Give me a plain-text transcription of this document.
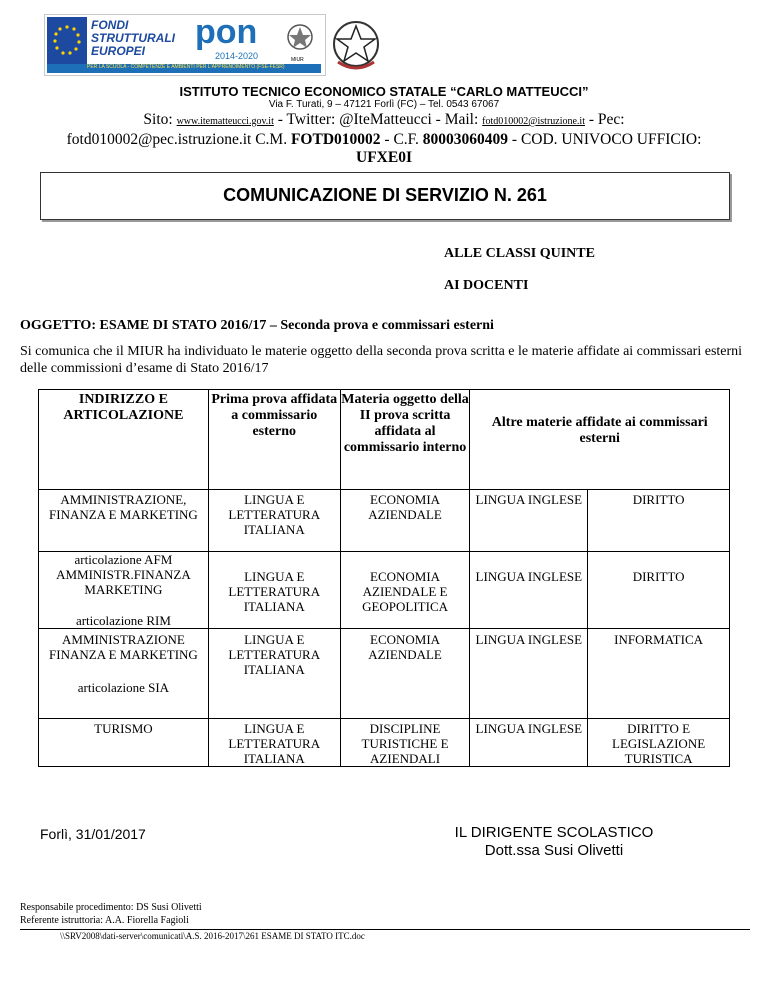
FONDI STRUTTURALI EUROPEI	pon
2014-2020	MIUR
PER LA SCUOLA - COMPETENZE E AMBIENTI PER L'APPRENDIMENTO (FSE-FESR)
ISTITUTO TECNICO ECONOMICO STATALE “CARLO MATTEUCCI”
Via F. Turati, 9 – 47121 Forlì (FC) – Tel. 0543 67067
Sito: www.itematteucci.gov.it - Twitter: @IteMatteucci - Mail: fotd010002@istruzione.it - Pec:
fotd010002@pec.istruzione.it C.M. FOTD010002 - C.F. 80003060409 - COD. UNIVOCO UFFICIO:
UFXE0I
COMUNICAZIONE DI SERVIZIO N. 261
ALLE CLASSI QUINTE
AI DOCENTI
OGGETTO: ESAME DI STATO 2016/17 – Seconda prova e commissari esterni
Si comunica che il MIUR ha individuato le materie oggetto della seconda prova scritta e le materie affidate ai commissari esterni delle commissioni d’esame di Stato 2016/17
INDIRIZZO E ARTICOLAZIONE	Prima prova affidata a commissario esterno	Materia oggetto della II prova scritta affidata al commissario interno	Altre materie affidate ai commissari esterni	
AMMINISTRAZIONE, FINANZA E MARKETING	LINGUA E LETTERATURA ITALIANA	ECONOMIA AZIENDALE	LINGUA INGLESE	DIRITTO

articolazione AFM
AMMINISTR.FINANZA MARKETING
articolazione RIM	LINGUA E LETTERATURA ITALIANA	ECONOMIA AZIENDALE E GEOPOLITICA	LINGUA INGLESE	DIRITTO

AMMINISTRAZIONE FINANZA E MARKETING
articolazione SIA	LINGUA E LETTERATURA ITALIANA	ECONOMIA AZIENDALE	LINGUA INGLESE	INFORMATICA
TURISMO	LINGUA E LETTERATURA ITALIANA	DISCIPLINE TURISTICHE E AZIENDALI	LINGUA INGLESE	DIRITTO E LEGISLAZIONE TURISTICA
Forlì, 31/01/2017	IL DIRIGENTE SCOLASTICO
Dott.ssa Susi Olivetti
Responsabile procedimento: DS Susi Olivetti
Referente istruttoria: A.A. Fiorella Fagioli
\\SRV2008\dati-server\comunicati\A.S. 2016-2017\261 ESAME DI STATO ITC.doc
